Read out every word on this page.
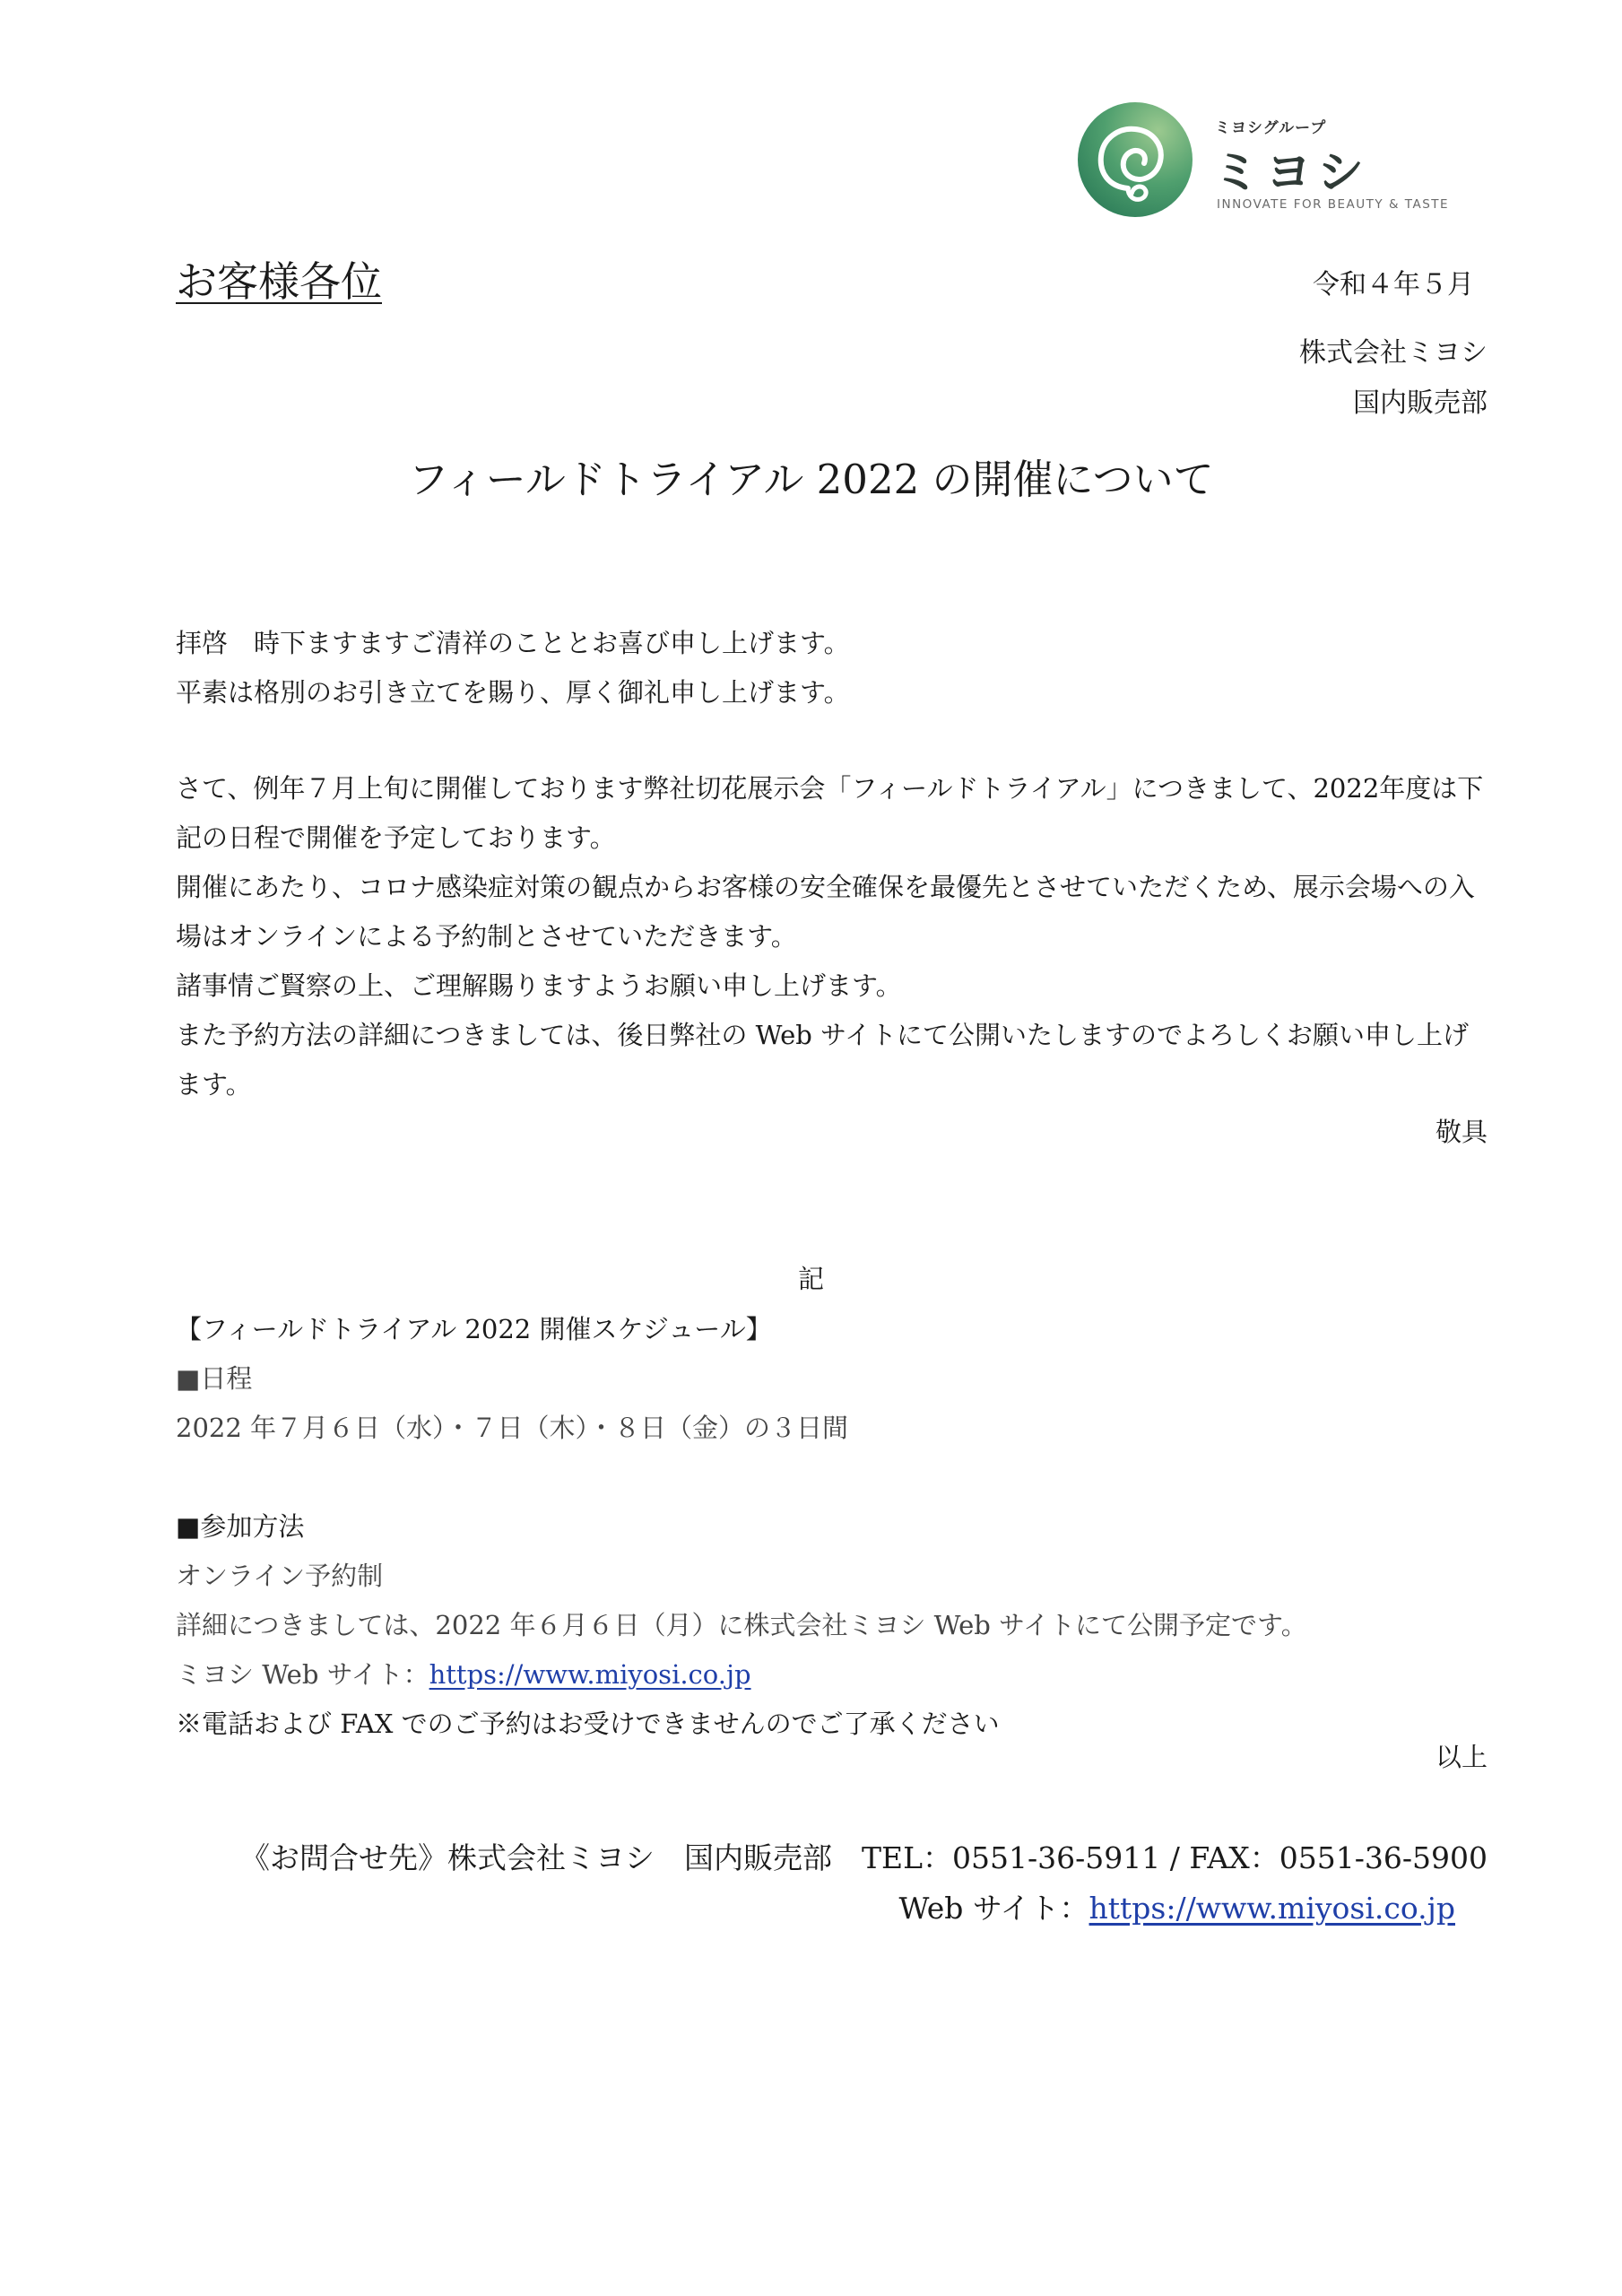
ミヨシグループ
ミヨシ
INNOVATE FOR BEAUTY & TASTE
お客様各位	令和４年５月
株式会社ミヨシ
国内販売部
フィールドトライアル 2022 の開催について

拝啓　時下ますますご清祥のこととお喜び申し上げます。

平素は格別のお引き立てを賜り、厚く御礼申し上げます。

さて、例年７月上旬に開催しております弊社切花展示会「フィールドトライアル」につきまして、2022年度は下記の日程で開催を予定しております。

開催にあたり、コロナ感染症対策の観点からお客様の安全確保を最優先とさせていただくため、展示会場への入場はオンラインによる予約制とさせていただきます。

諸事情ご賢察の上、ご理解賜りますようお願い申し上げます。

また予約方法の詳細につきましては、後日弊社の Web サイトにて公開いたしますのでよろしくお願い申し上げます。

敬具
記

【フィールドトライアル 2022 開催スケジュール】

■日程

2022 年７月６日（水）・７日（木）・８日（金）の３日間

■参加方法

オンライン予約制

詳細につきましては、2022 年６月６日（月）に株式会社ミヨシ Web サイトにて公開予定です。

ミヨシ Web サイト：https://www.miyosi.co.jp

※電話および FAX でのご予約はお受けできませんのでご了承ください

以上
《お問合せ先》株式会社ミヨシ　国内販売部　TEL：0551-36-5911 / FAX：0551-36-5900
Web サイト：https://www.miyosi.co.jp
